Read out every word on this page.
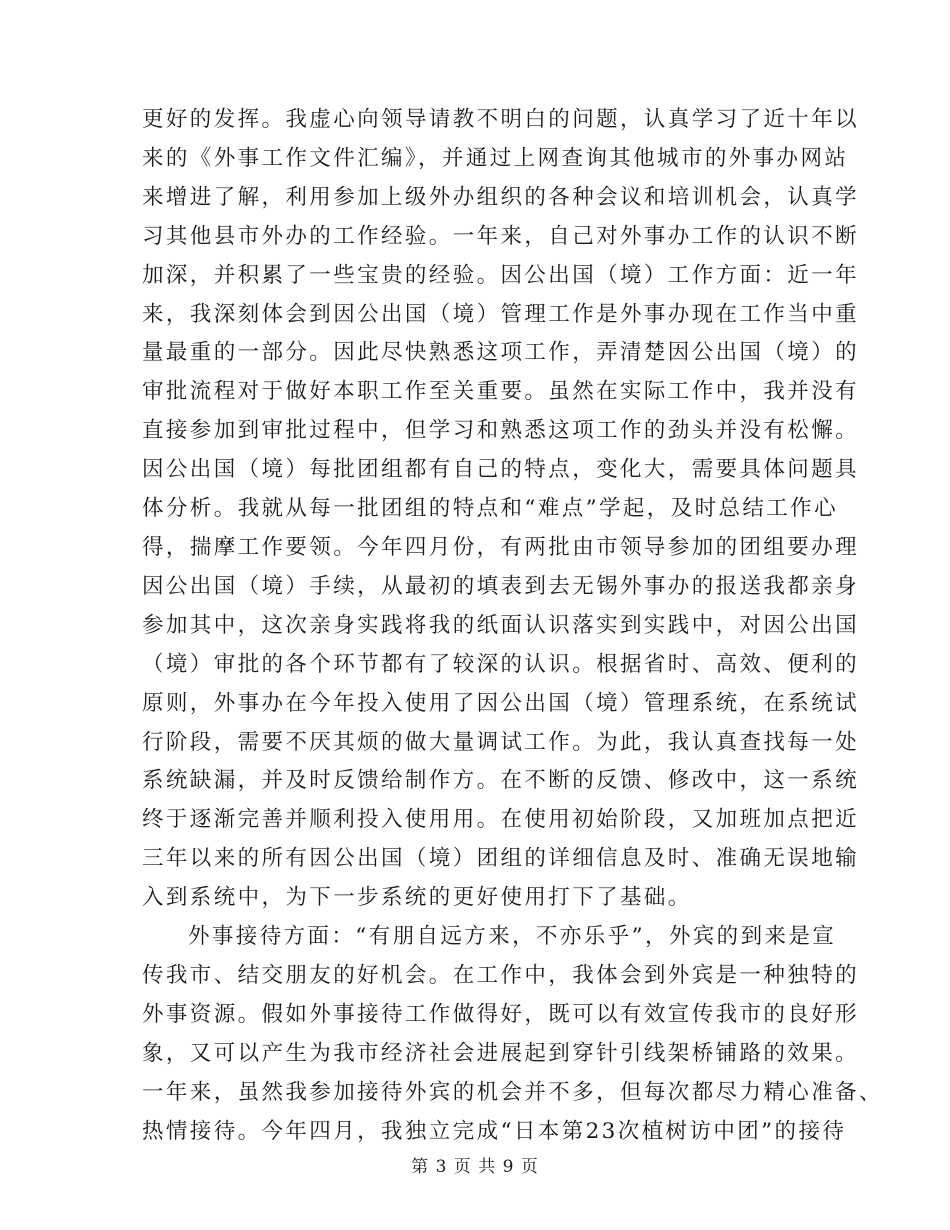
更好的发挥。我虚心向领导请教不明白的问题，认真学习了近十年以
来的《外事工作文件汇编》，并通过上网查询其他城市的外事办网站
来增进了解，利用参加上级外办组织的各种会议和培训机会，认真学
习其他县市外办的工作经验。一年来，自己对外事办工作的认识不断
加深，并积累了一些宝贵的经验。因公出国（境）工作方面：近一年
来，我深刻体会到因公出国（境）管理工作是外事办现在工作当中重
量最重的一部分。因此尽快熟悉这项工作，弄清楚因公出国（境）的
审批流程对于做好本职工作至关重要。虽然在实际工作中，我并没有
直接参加到审批过程中，但学习和熟悉这项工作的劲头并没有松懈。
因公出国（境）每批团组都有自己的特点，变化大，需要具体问题具
体分析。我就从每一批团组的特点和“难点”学起，及时总结工作心
得，揣摩工作要领。今年四月份，有两批由市领导参加的团组要办理
因公出国（境）手续，从最初的填表到去无锡外事办的报送我都亲身
参加其中，这次亲身实践将我的纸面认识落实到实践中，对因公出国
（境）审批的各个环节都有了较深的认识。根据省时、高效、便利的
原则，外事办在今年投入使用了因公出国（境）管理系统，在系统试
行阶段，需要不厌其烦的做大量调试工作。为此，我认真查找每一处
系统缺漏，并及时反馈给制作方。在不断的反馈、修改中，这一系统
终于逐渐完善并顺利投入使用用。在使用初始阶段，又加班加点把近
三年以来的所有因公出国（境）团组的详细信息及时、准确无误地输
入到系统中，为下一步系统的更好使用打下了基础。
外事接待方面：“有朋自远方来，不亦乐乎”，外宾的到来是宣
传我市、结交朋友的好机会。在工作中，我体会到外宾是一种独特的
外事资源。假如外事接待工作做得好，既可以有效宣传我市的良好形
象，又可以产生为我市经济社会进展起到穿针引线架桥铺路的效果。
一年来，虽然我参加接待外宾的机会并不多，但每次都尽力精心准备、
热情接待。今年四月，我独立完成“日本第23次植树访中团”的接待
第 3 页 共 9 页
